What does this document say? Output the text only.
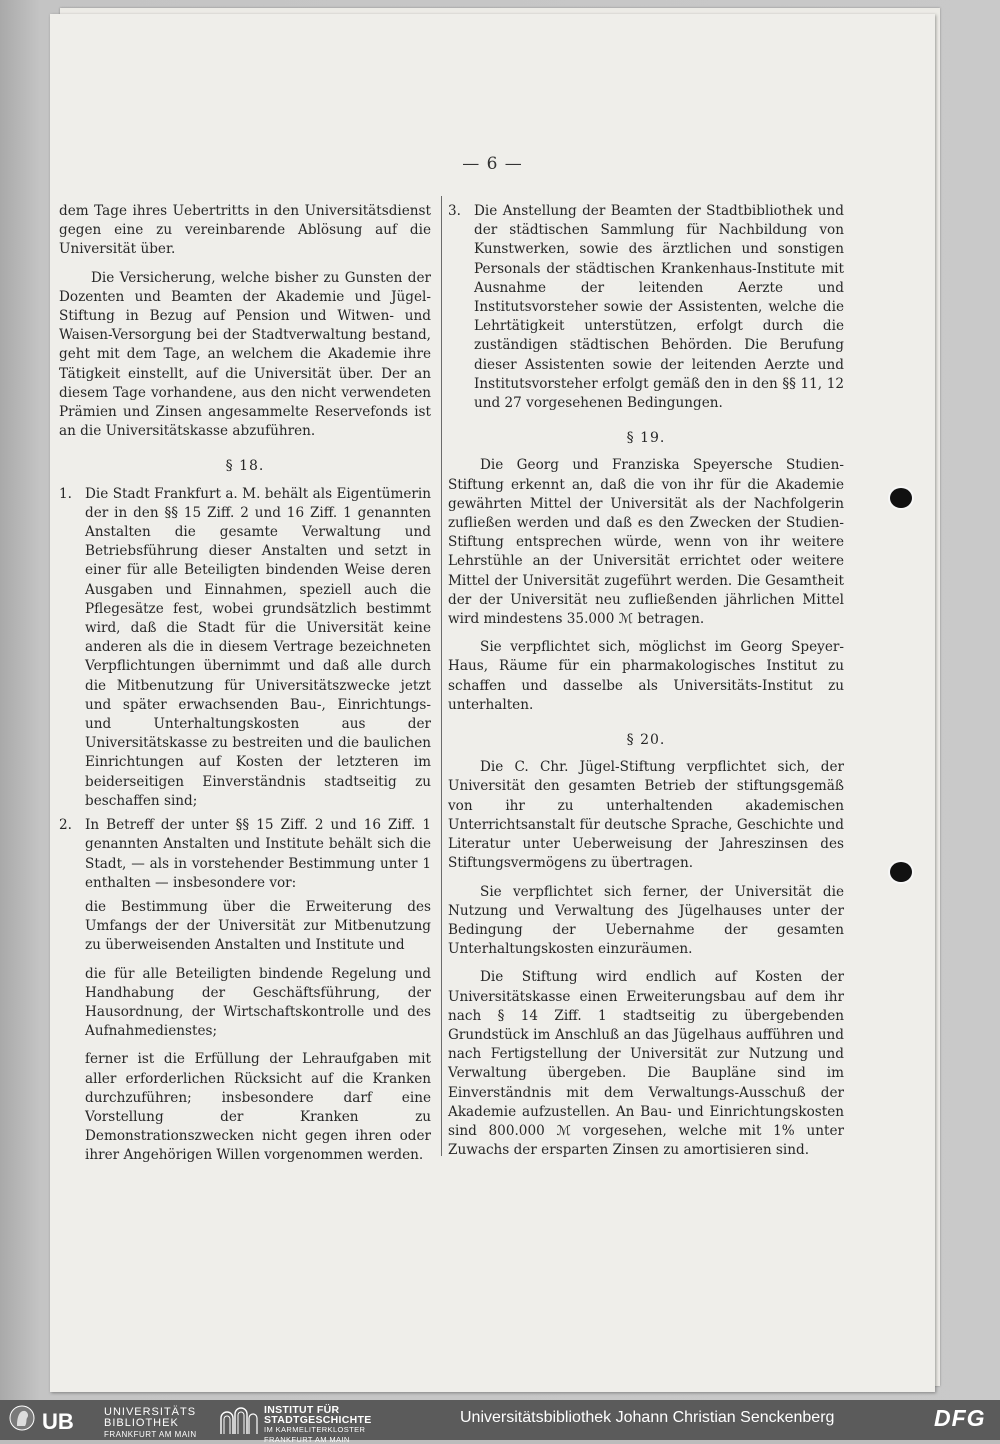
— 6 —

dem Tage ihres Uebertritts in den Universitätsdienst gegen eine zu vereinbarende Ablösung auf die Universität über.

Die Versicherung, welche bisher zu Gunsten der Dozenten und Beamten der Akademie und Jügel-Stiftung in Bezug auf Pension und Witwen- und Waisen-Versorgung bei der Stadtverwaltung bestand, geht mit dem Tage, an welchem die Akademie ihre Tätigkeit einstellt, auf die Universität über. Der an diesem Tage vorhandene, aus den nicht verwendeten Prämien und Zinsen angesammelte Reservefonds ist an die Universitätskasse abzuführen.

§ 18.
1. Die Stadt Frankfurt a. M. behält als Eigentümerin der in den §§ 15 Ziff. 2 und 16 Ziff. 1 genannten Anstalten die gesamte Verwaltung und Betriebsführung dieser Anstalten und setzt in einer für alle Beteiligten bindenden Weise deren Ausgaben und Einnahmen, speziell auch die Pflegesätze fest, wobei grundsätzlich bestimmt wird, daß die Stadt für die Universität keine anderen als die in diesem Vertrage bezeichneten Verpflichtungen übernimmt und daß alle durch die Mitbenutzung für Universitätszwecke jetzt und später erwachsenden Bau-, Einrichtungs- und Unterhaltungskosten aus der Universitätskasse zu bestreiten und die baulichen Einrichtungen auf Kosten der letzteren im beiderseitigen Einverständnis stadtseitig zu beschaffen sind;
2. In Betreff der unter §§ 15 Ziff. 2 und 16 Ziff. 1 genannten Anstalten und Institute behält sich die Stadt, — als in vorstehender Bestimmung unter 1 enthalten — insbesondere vor:

die Bestimmung über die Erweiterung des Umfangs der der Universität zur Mitbenutzung zu überweisenden Anstalten und Institute und

die für alle Beteiligten bindende Regelung und Handhabung der Geschäftsführung, der Hausordnung, der Wirtschaftskontrolle und des Aufnahmedienstes;

ferner ist die Erfüllung der Lehraufgaben mit aller erforderlichen Rücksicht auf die Kranken durchzuführen; insbesondere darf eine Vorstellung der Kranken zu Demonstrationszwecken nicht gegen ihren oder ihrer Angehörigen Willen vorgenommen werden.

3. Die Anstellung der Beamten der Stadtbibliothek und der städtischen Sammlung für Nachbildung von Kunstwerken, sowie des ärztlichen und sonstigen Personals der städtischen Krankenhaus-Institute mit Ausnahme der leitenden Aerzte und Institutsvorsteher sowie der Assistenten, welche die Lehrtätigkeit unterstützen, erfolgt durch die zuständigen städtischen Behörden. Die Berufung dieser Assistenten sowie der leitenden Aerzte und Institutsvorsteher erfolgt gemäß den in den §§ 11, 12 und 27 vorgesehenen Bedingungen.
§ 19.

Die Georg und Franziska Speyersche Studien-Stiftung erkennt an, daß die von ihr für die Akademie gewährten Mittel der Universität als der Nachfolgerin zufließen werden und daß es den Zwecken der Studien-Stiftung entsprechen würde, wenn von ihr weitere Lehrstühle an der Universität errichtet oder weitere Mittel der Universität zugeführt werden. Die Gesamtheit der der Universität neu zufließenden jährlichen Mittel wird mindestens 35.000 ℳ betragen.

Sie verpflichtet sich, möglichst im Georg Speyer-Haus, Räume für ein pharmakologisches Institut zu schaffen und dasselbe als Universitäts-Institut zu unterhalten.

§ 20.

Die C. Chr. Jügel-Stiftung verpflichtet sich, der Universität den gesamten Betrieb der stiftungsgemäß von ihr zu unterhaltenden akademischen Unterrichtsanstalt für deutsche Sprache, Geschichte und Literatur unter Ueberweisung der Jahreszinsen des Stiftungsvermögens zu übertragen.

Sie verpflichtet sich ferner, der Universität die Nutzung und Verwaltung des Jügelhauses unter der Bedingung der Uebernahme der gesamten Unterhaltungskosten einzuräumen.

Die Stiftung wird endlich auf Kosten der Universitätskasse einen Erweiterungsbau auf dem ihr nach § 14 Ziff. 1 stadtseitig zu übergebenden Grundstück im Anschluß an das Jügelhaus aufführen und nach Fertigstellung der Universität zur Nutzung und Verwaltung übergeben. Die Baupläne sind im Einverständnis mit dem Verwaltungs-Ausschuß der Akademie aufzustellen. An Bau- und Einrichtungskosten sind 800.000 ℳ vorgesehen, welche mit 1% unter Zuwachs der ersparten Zinsen zu amortisieren sind.

UB	UNIVERSITÄTS
BIBLIOTHEK
FRANKFURT AM MAIN
INSTITUT FÜR
STADTGESCHICHTE
IM KARMELITERKLOSTER
FRANKFURT AM MAIN
Universitätsbibliothek Johann Christian Senckenberg	DFG
